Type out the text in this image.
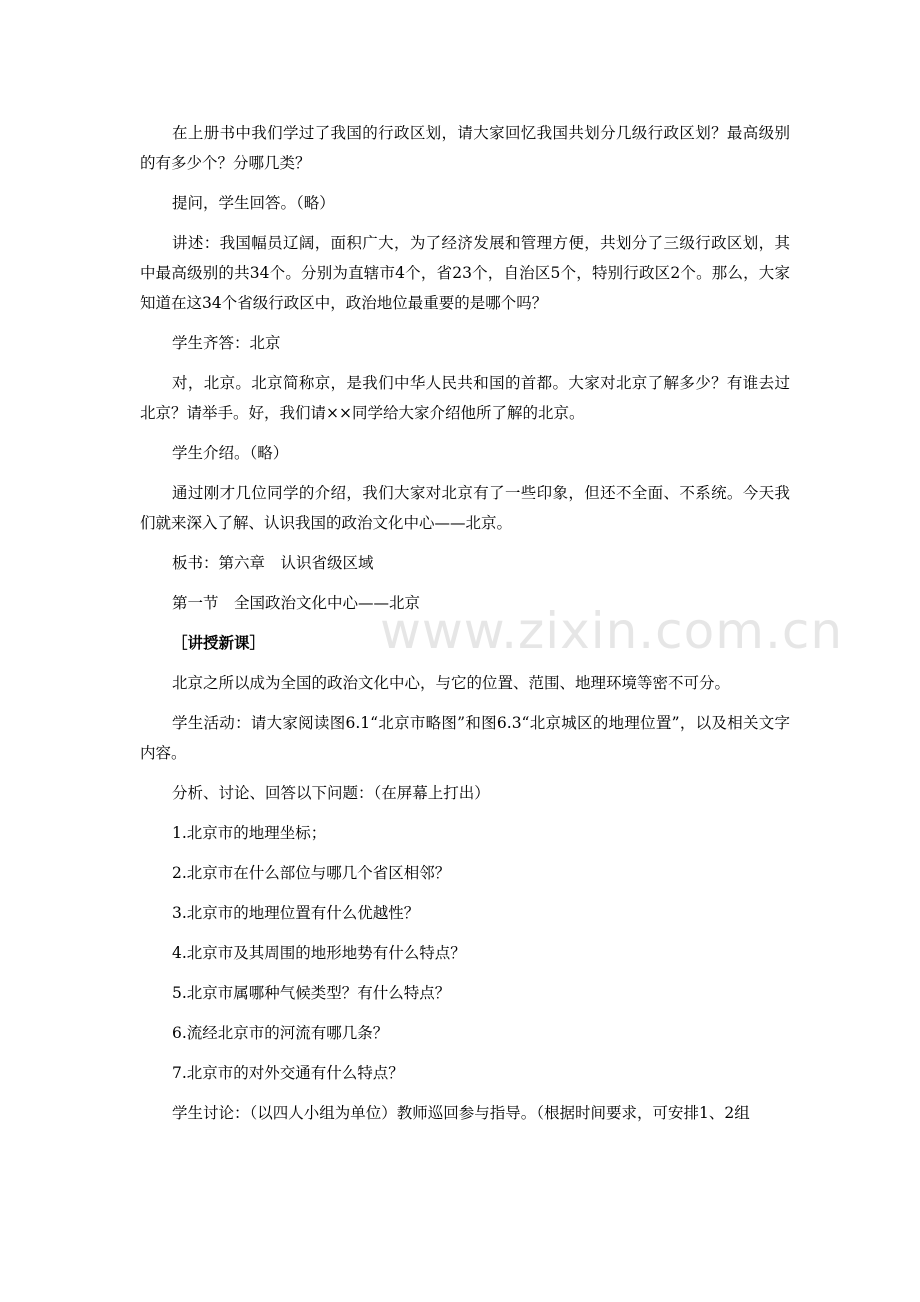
在上册书中我们学过了我国的行政区划，请大家回忆我国共划分几级行政区划？最高级别的有多少个？分哪几类？

提问，学生回答。（略）

讲述：我国幅员辽阔，面积广大，为了经济发展和管理方便，共划分了三级行政区划，其中最高级别的共34个。分别为直辖市4个，省23个，自治区5个，特别行政区2个。那么，大家知道在这34个省级行政区中，政治地位最重要的是哪个吗？

学生齐答：北京

对，北京。北京简称京，是我们中华人民共和国的首都。大家对北京了解多少？有谁去过北京？请举手。好，我们请××同学给大家介绍他所了解的北京。

学生介绍。（略）

通过刚才几位同学的介绍，我们大家对北京有了一些印象，但还不全面、不系统。今天我们就来深入了解、认识我国的政治文化中心——北京。

板书：第六章　认识省级区域

第一节　全国政治文化中心——北京

［讲授新课］

北京之所以成为全国的政治文化中心，与它的位置、范围、地理环境等密不可分。

学生活动：请大家阅读图6.1“北京市略图”和图6.3“北京城区的地理位置”，以及相关文字内容。

分析、讨论、回答以下问题：（在屏幕上打出）

1.北京市的地理坐标；

2.北京市在什么部位与哪几个省区相邻？

3.北京市的地理位置有什么优越性？

4.北京市及其周围的地形地势有什么特点？

5.北京市属哪种气候类型？有什么特点？

6.流经北京市的河流有哪几条？

7.北京市的对外交通有什么特点？

学生讨论：（以四人小组为单位）教师巡回参与指导。（根据时间要求，可安排1、2组

www.zixin.com.cn
